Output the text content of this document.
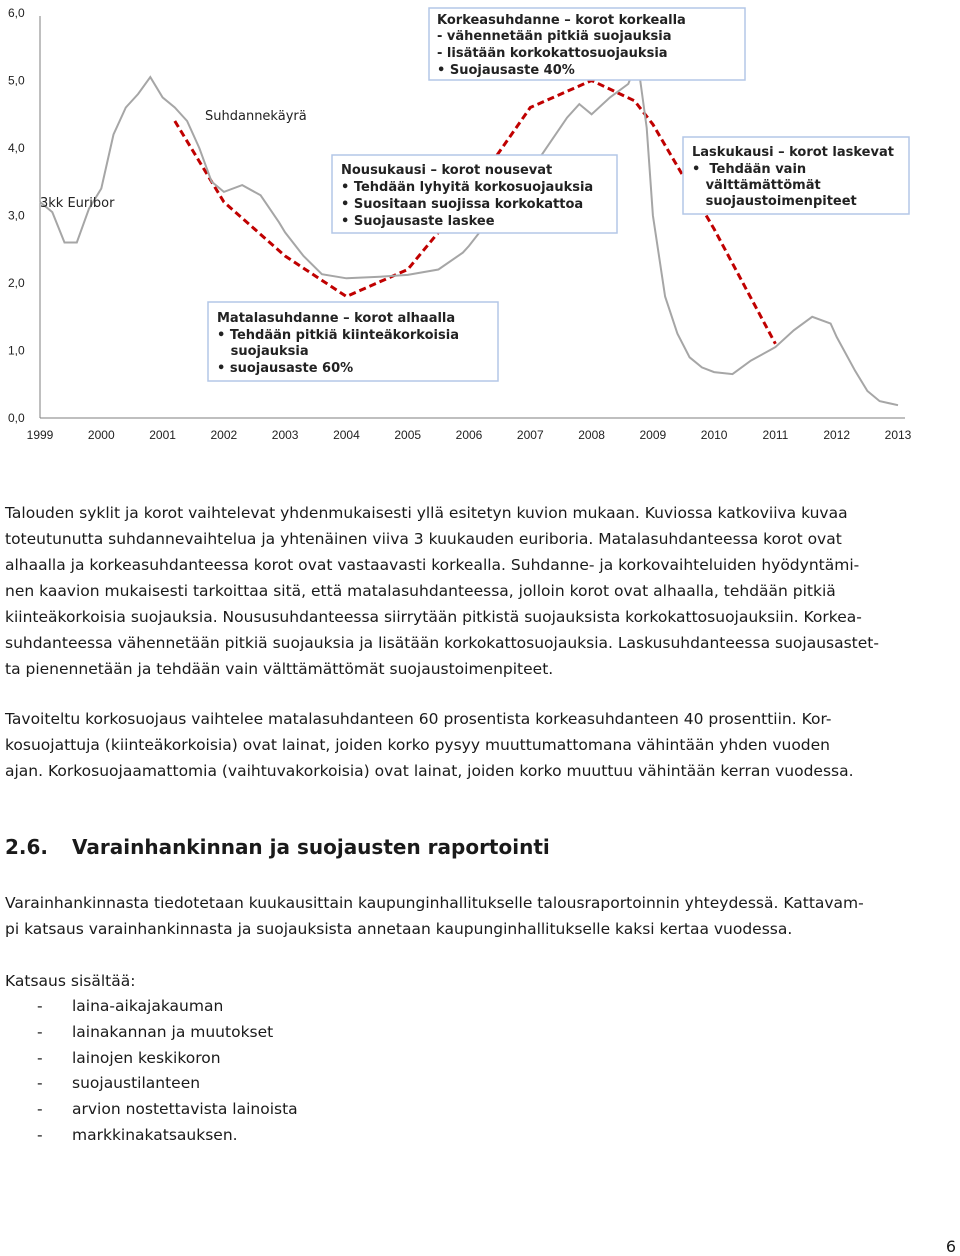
0,0
1,0
2,0
3,0
4,0
5,0
6,0
1999	2000	2001	2002	2003	2004	2005	2006	2007	2008	2009	2010	2011	2012	2013
3kk Euribor
Suhdannekäyrä
Korkeasuhdanne – korot korkealla
- vähennetään pitkiä suojauksia
- lisätään korkokattosuojauksia
• Suojausaste 40%
Nousukausi – korot nousevat
• Tehdään lyhyitä korkosuojauksia
• Suositaan suojissa korkokattoa
• Suojausaste laskee
Laskukausi – korot laskevat
•  Tehdään vain
välttämättömät
suojaustoimenpiteet
Matalasuhdanne – korot alhaalla
• Tehdään pitkiä kiinteäkorkoisia
suojauksia
• suojausaste 60%
Talouden syklit ja korot vaihtelevat yhdenmukaisesti yllä esitetyn kuvion mukaan. Kuviossa katkoviiva kuvaa
toteutunutta suhdannevaihtelua ja yhtenäinen viiva 3 kuukauden euriboria. Matalasuhdanteessa korot ovat
alhaalla ja korkeasuhdanteessa korot ovat vastaavasti korkealla. Suhdanne- ja korkovaihteluiden hyödyntämi-
nen kaavion mukaisesti tarkoittaa sitä, että matalasuhdanteessa, jolloin korot ovat alhaalla, tehdään pitkiä
kiinteäkorkoisia suojauksia. Noususuhdanteessa siirrytään pitkistä suojauksista korkokattosuojauksiin. Korkea-
suhdanteessa vähennetään pitkiä suojauksia ja lisätään korkokattosuojauksia. Laskusuhdanteessa suojausastet-
ta pienennetään ja tehdään vain välttämättömät suojaustoimenpiteet.
Tavoiteltu korkosuojaus vaihtelee matalasuhdanteen 60 prosentista korkeasuhdanteen 40 prosenttiin. Kor-
kosuojattuja (kiinteäkorkoisia) ovat lainat, joiden korko pysyy muuttumattomana vähintään yhden vuoden
ajan. Korkosuojaamattomia (vaihtuvakorkoisia) ovat lainat, joiden korko muuttuu vähintään kerran vuodessa.
2.6. Varainhankinnan ja suojausten raportointi
Varainhankinnasta tiedotetaan kuukausittain kaupunginhallitukselle talousraportoinnin yhteydessä. Kattavam-
pi katsaus varainhankinnasta ja suojauksista annetaan kaupunginhallitukselle kaksi kertaa vuodessa.
Katsaus sisältää:
- laina-aikajakauman
- lainakannan ja muutokset
- lainojen keskikoron
- suojaustilanteen
- arvion nostettavista lainoista
- markkinakatsauksen.
6
